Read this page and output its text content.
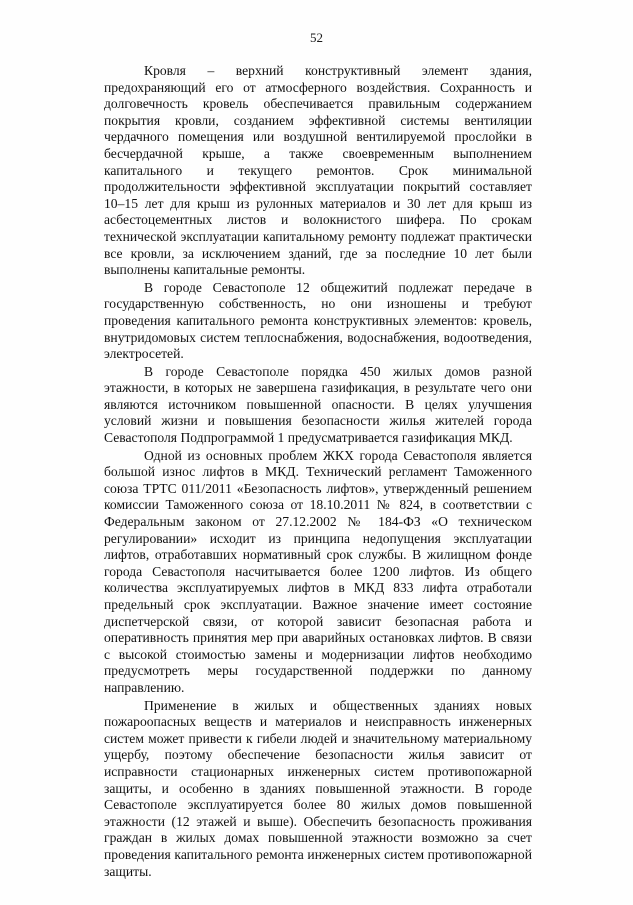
52

Кровля – верхний конструктивный элемент здания, предохраняющий его от атмосферного воздействия. Сохранность и долговечность кровель обеспечивается правильным содержанием покрытия кровли, созданием эффективной системы вентиляции чердачного помещения или воздушной вентилируемой прослойки в бесчердачной крыше, а также своевременным выполнением капитального и текущего ремонтов. Срок минимальной продолжительности эффективной эксплуатации покрытий составляет 10–15 лет для крыш из рулонных материалов и 30 лет для крыш из асбестоцементных листов и волокнистого шифера. По срокам технической эксплуатации капитальному ремонту подлежат практически все кровли, за исключением зданий, где за последние 10 лет были выполнены капитальные ремонты.

В городе Севастополе 12 общежитий подлежат передаче в государственную собственность, но они изношены и требуют проведения капитального ремонта конструктивных элементов: кровель, внутридомовых систем теплоснабжения, водоснабжения, водоотведения, электросетей.

В городе Севастополе порядка 450 жилых домов разной этажности, в которых не завершена газификация, в результате чего они являются источником повышенной опасности. В целях улучшения условий жизни и повышения безопасности жилья жителей города Севастополя Подпрограммой 1 предусматривается газификация МКД.

Одной из основных проблем ЖКХ города Севастополя является большой износ лифтов в МКД. Технический регламент Таможенного союза ТРТС 011/2011 «Безопасность лифтов», утвержденный решением комиссии Таможенного союза от 18.10.2011 № 824, в соответствии с Федеральным законом от 27.12.2002 № 184-ФЗ «О техническом регулировании» исходит из принципа недопущения эксплуатации лифтов, отработавших нормативный срок службы. В жилищном фонде города Севастополя насчитывается более 1200 лифтов. Из общего количества эксплуатируемых лифтов в МКД 833 лифта отработали предельный срок эксплуатации. Важное значение имеет состояние диспетчерской связи, от которой зависит безопасная работа и оперативность принятия мер при аварийных остановках лифтов. В связи с высокой стоимостью замены и модернизации лифтов необходимо предусмотреть меры государственной поддержки по данному направлению.

Применение в жилых и общественных зданиях новых пожароопасных веществ и материалов и неисправность инженерных систем может привести к гибели людей и значительному материальному ущербу, поэтому обеспечение безопасности жилья зависит от исправности стационарных инженерных систем противопожарной защиты, и особенно в зданиях повышенной этажности. В городе Севастополе эксплуатируется более 80 жилых домов повышенной этажности (12 этажей и выше). Обеспечить безопасность проживания граждан в жилых домах повышенной этажности возможно за счет проведения капитального ремонта инженерных систем противопожарной защиты.
